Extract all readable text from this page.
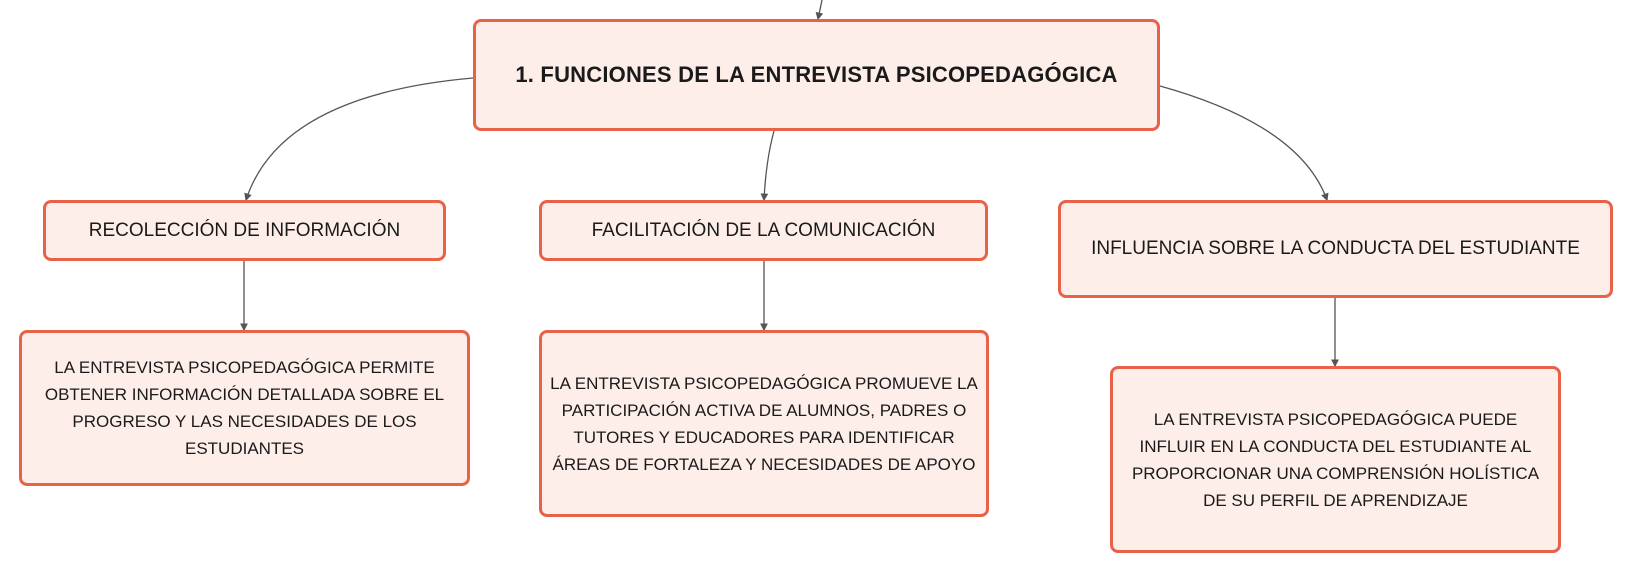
1. FUNCIONES DE LA ENTREVISTA PSICOPEDAGÓGICA
RECOLECCIÓN DE INFORMACIÓN	FACILITACIÓN DE LA COMUNICACIÓN
INFLUENCIA SOBRE LA CONDUCTA DEL ESTUDIANTE
LA ENTREVISTA PSICOPEDAGÓGICA PERMITE OBTENER INFORMACIÓN DETALLADA SOBRE EL PROGRESO Y LAS NECESIDADES DE LOS ESTUDIANTES
LA ENTREVISTA PSICOPEDAGÓGICA PROMUEVE LA PARTICIPACIÓN ACTIVA DE ALUMNOS, PADRES O TUTORES Y EDUCADORES PARA IDENTIFICAR ÁREAS DE FORTALEZA Y NECESIDADES DE APOYO
LA ENTREVISTA PSICOPEDAGÓGICA PUEDE INFLUIR EN LA CONDUCTA DEL ESTUDIANTE AL PROPORCIONAR UNA COMPRENSIÓN HOLÍSTICA DE SU PERFIL DE APRENDIZAJE
